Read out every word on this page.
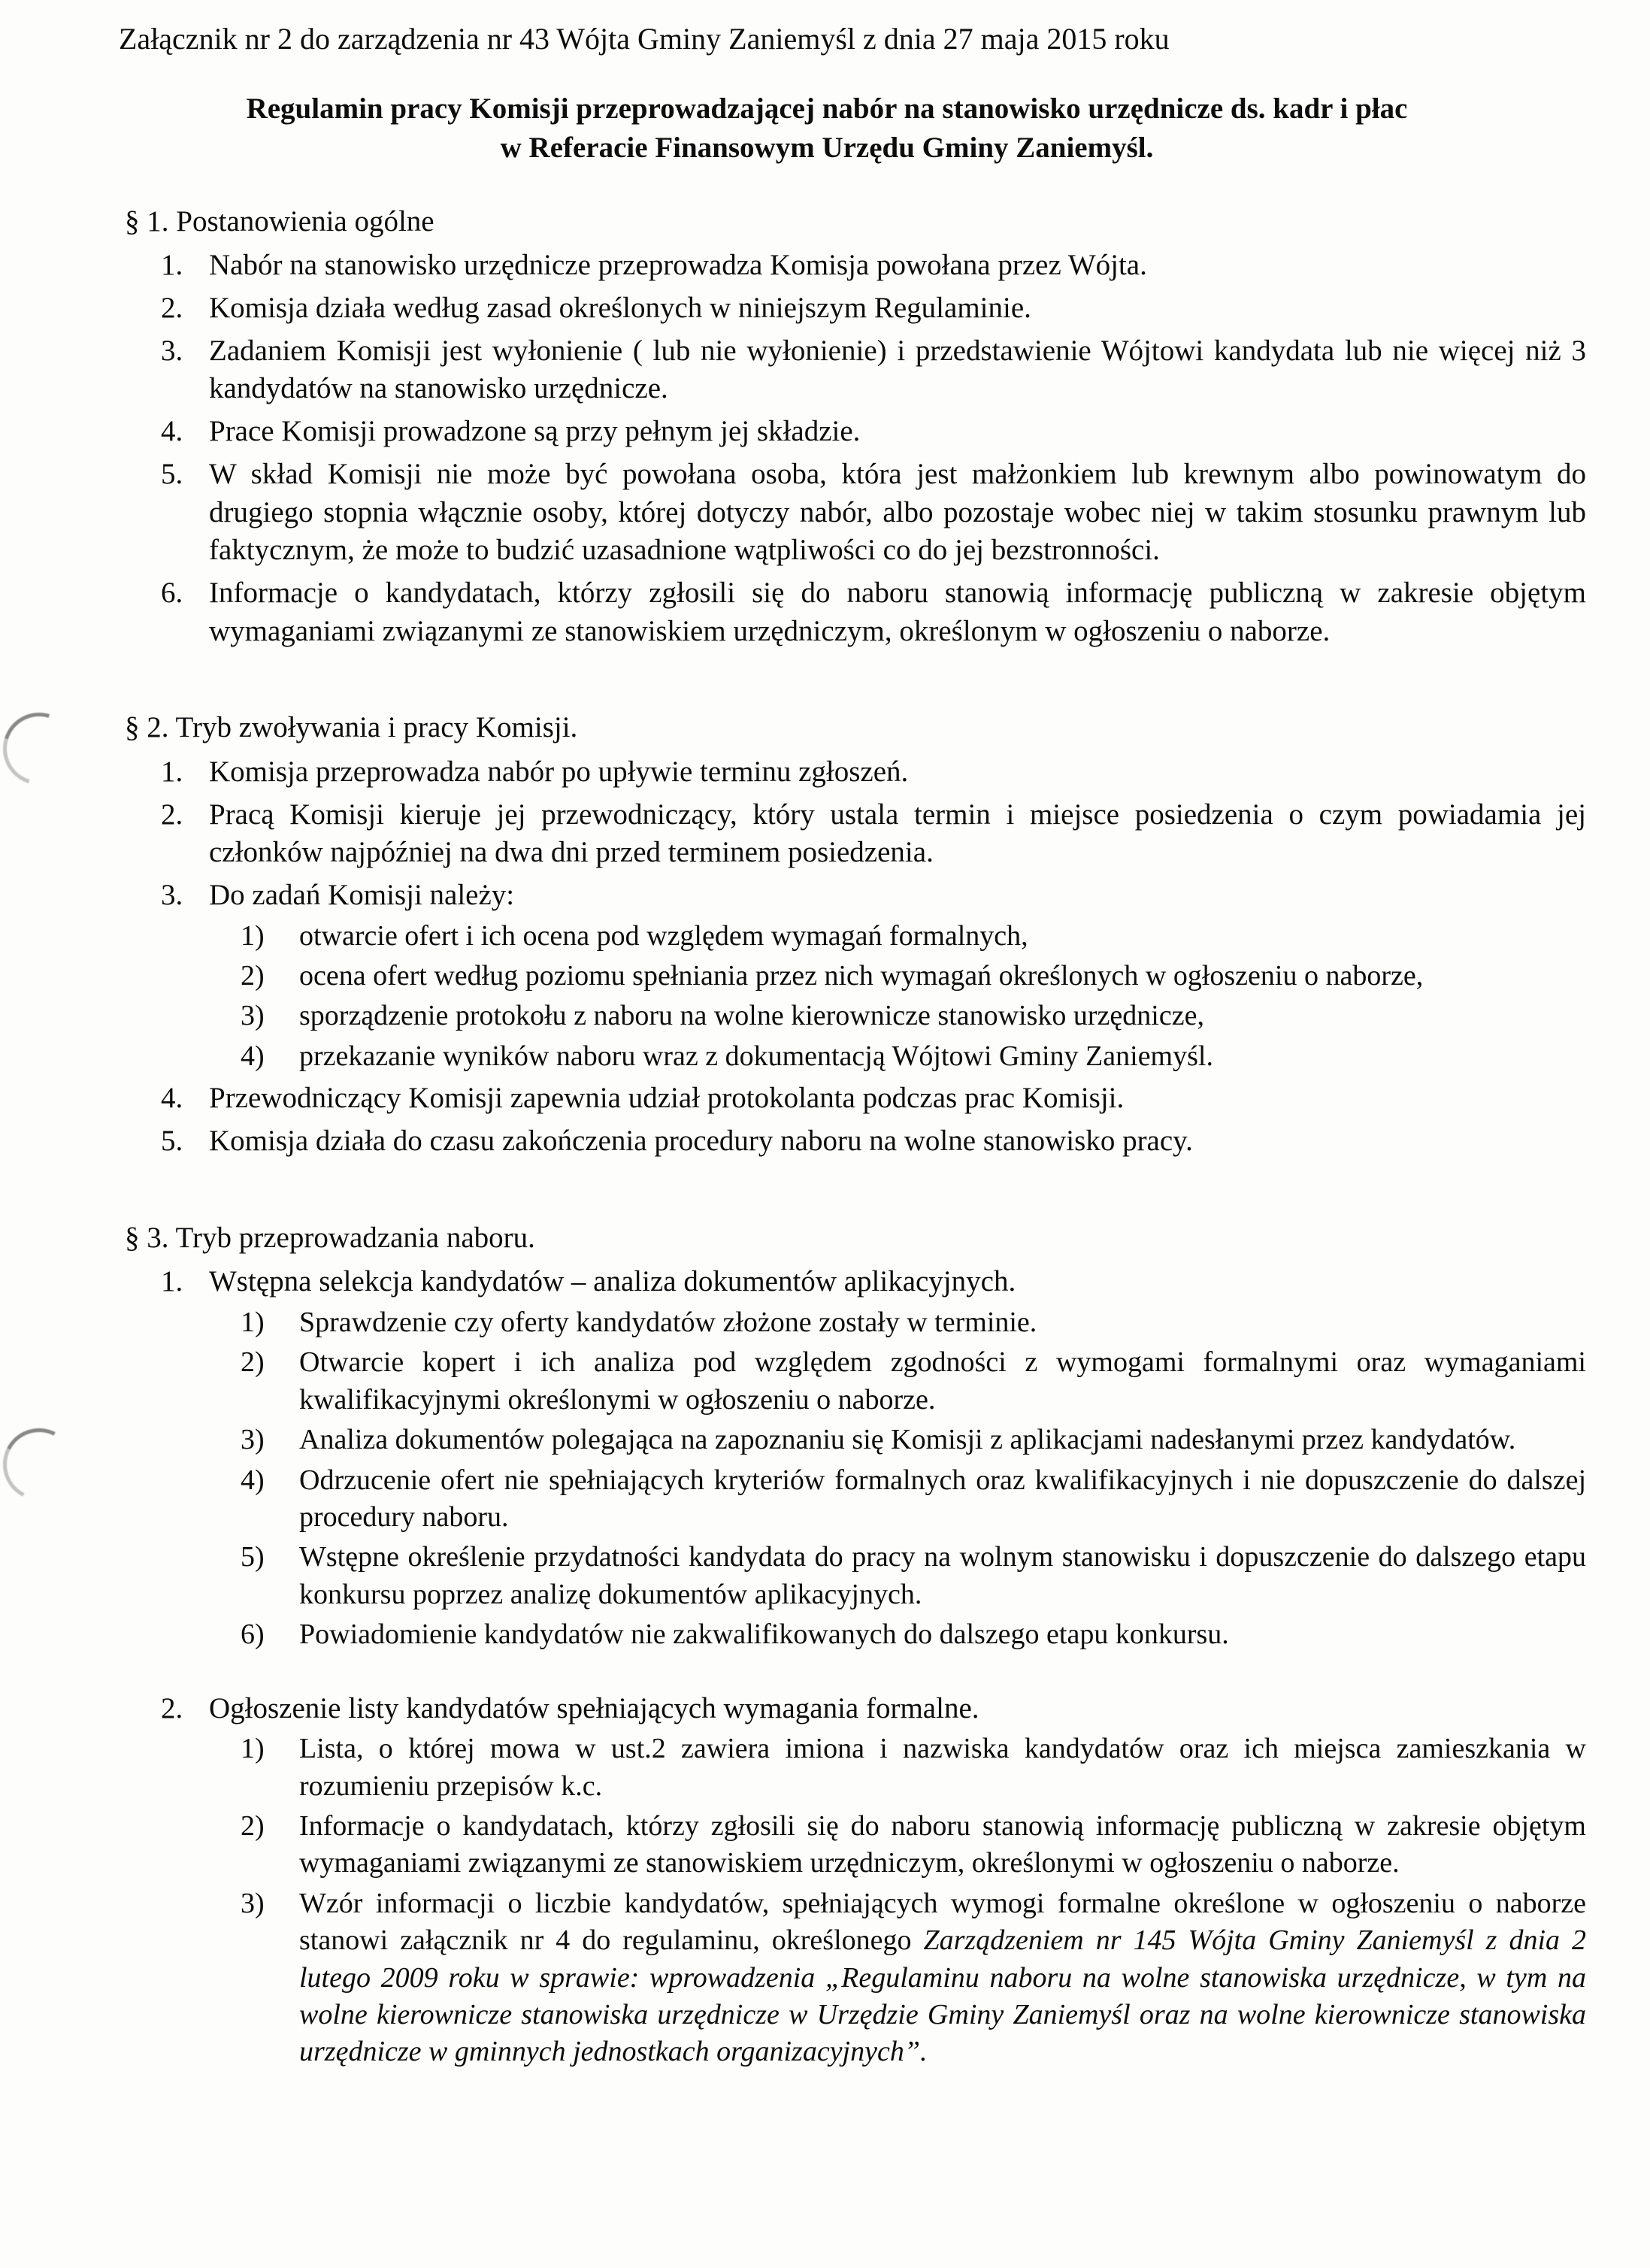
Załącznik nr 2 do zarządzenia nr 43 Wójta Gminy Zaniemyśl z dnia 27 maja 2015 roku
Regulamin pracy Komisji przeprowadzającej nabór na stanowisko urzędnicze ds. kadr i płac
w Referacie Finansowym Urzędu Gminy Zaniemyśl.
§ 1. Postanowienia ogólne
1. Nabór na stanowisko urzędnicze przeprowadza Komisja powołana przez Wójta.
2. Komisja działa według zasad określonych w niniejszym Regulaminie.
3. Zadaniem Komisji jest wyłonienie ( lub nie wyłonienie) i przedstawienie Wójtowi kandydata lub nie więcej niż 3 kandydatów na stanowisko urzędnicze.
4. Prace Komisji prowadzone są przy pełnym jej składzie.
5. W skład Komisji nie może być powołana osoba, która jest małżonkiem lub krewnym albo powinowatym do drugiego stopnia włącznie osoby, której dotyczy nabór, albo pozostaje wobec niej w takim stosunku prawnym lub faktycznym, że może to budzić uzasadnione wątpliwości co do jej bezstronności.
6. Informacje o kandydatach, którzy zgłosili się do naboru stanowią informację publiczną w zakresie objętym wymaganiami związanymi ze stanowiskiem urzędniczym, określonym w ogłoszeniu o naborze.
§ 2. Tryb zwoływania i pracy Komisji.
1. Komisja przeprowadza nabór po upływie terminu zgłoszeń.
2. Pracą Komisji kieruje jej przewodniczący, który ustala termin i miejsce posiedzenia o czym powiadamia jej członków najpóźniej na dwa dni przed terminem posiedzenia.
3. Do zadań Komisji należy:
1)	otwarcie ofert i ich ocena pod względem wymagań formalnych,
2)	ocena ofert według poziomu spełniania przez nich wymagań określonych w ogłoszeniu o naborze,
3)	sporządzenie protokołu z naboru na wolne kierownicze stanowisko urzędnicze,
4)	przekazanie wyników naboru wraz z dokumentacją Wójtowi Gminy Zaniemyśl.
4. Przewodniczący Komisji zapewnia udział protokolanta podczas prac Komisji.
5. Komisja działa do czasu zakończenia procedury naboru na wolne stanowisko pracy.
§ 3. Tryb przeprowadzania naboru.
1. Wstępna selekcja kandydatów – analiza dokumentów aplikacyjnych.
1)	Sprawdzenie czy oferty kandydatów złożone zostały w terminie.
2)	Otwarcie kopert i ich analiza pod względem zgodności z wymogami formalnymi oraz wymaganiami kwalifikacyjnymi określonymi w ogłoszeniu o naborze.
3)	Analiza dokumentów polegająca na zapoznaniu się Komisji z aplikacjami nadesłanymi przez kandydatów.
4)	Odrzucenie ofert nie spełniających kryteriów formalnych oraz kwalifikacyjnych i nie dopuszczenie do dalszej procedury naboru.
5)	Wstępne określenie przydatności kandydata do pracy na wolnym stanowisku i dopuszczenie do dalszego etapu konkursu poprzez analizę dokumentów aplikacyjnych.
6)	Powiadomienie kandydatów nie zakwalifikowanych do dalszego etapu konkursu.
2. Ogłoszenie listy kandydatów spełniających wymagania formalne.
1)	Lista, o której mowa w ust.2 zawiera imiona i nazwiska kandydatów oraz ich miejsca zamieszkania w rozumieniu przepisów k.c.
2)	Informacje o kandydatach, którzy zgłosili się do naboru stanowią informację publiczną w zakresie objętym wymaganiami związanymi ze stanowiskiem urzędniczym, określonymi w ogłoszeniu o naborze.
3)	Wzór informacji o liczbie kandydatów, spełniających wymogi formalne określone w ogłoszeniu o naborze stanowi załącznik nr 4 do regulaminu, określonego Zarządzeniem nr 145 Wójta Gminy Zaniemyśl z dnia 2 lutego 2009 roku w sprawie: wprowadzenia „Regulaminu naboru na wolne stanowiska urzędnicze, w tym na wolne kierownicze stanowiska urzędnicze w Urzędzie Gminy Zaniemyśl oraz na wolne kierownicze stanowiska urzędnicze w gminnych jednostkach organizacyjnych”.
